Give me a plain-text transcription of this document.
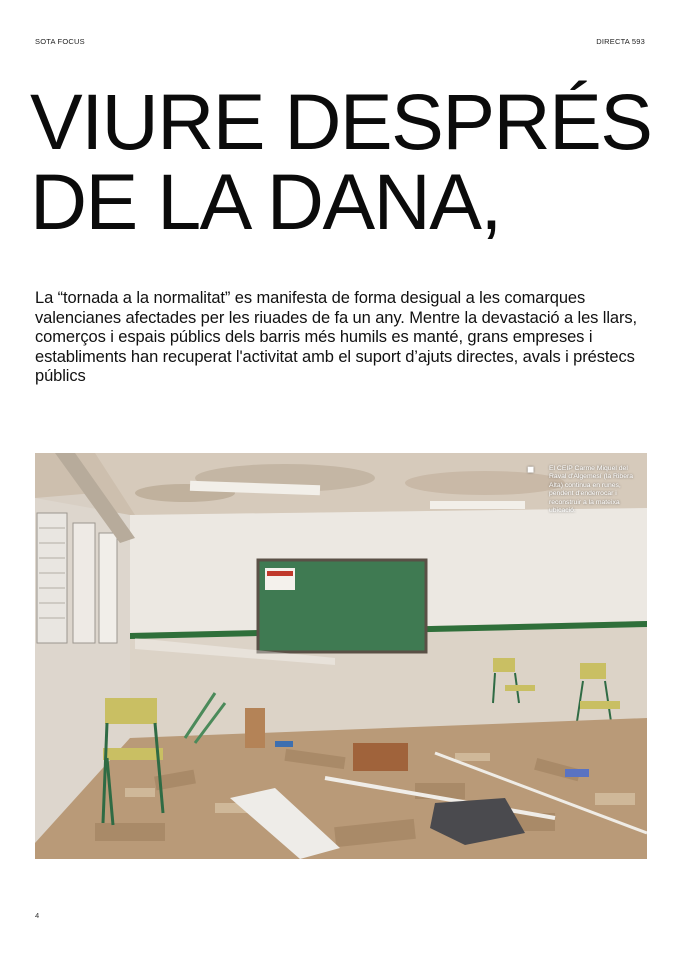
SOTA FOCUS	DIRECTA 593
VIURE DESPRÉS
DE LA DANA,

La “tornada a la normalitat” es manifesta de forma desigual a les comarques valencianes afectades per les riuades de fa un any. Mentre la devastació a les llars, comerços i espais públics dels barris més humils es manté, grans empreses i establiments han recuperat l'activitat amb el suport d’ajuts directes, avals i préstecs públics

◼ El CEIP Carme Miquel del Raval d'Algemesí (la Ribera Alta) continua en runes, pendent d'enderrocar i reconstruir a la mateixa ubicació.
4
